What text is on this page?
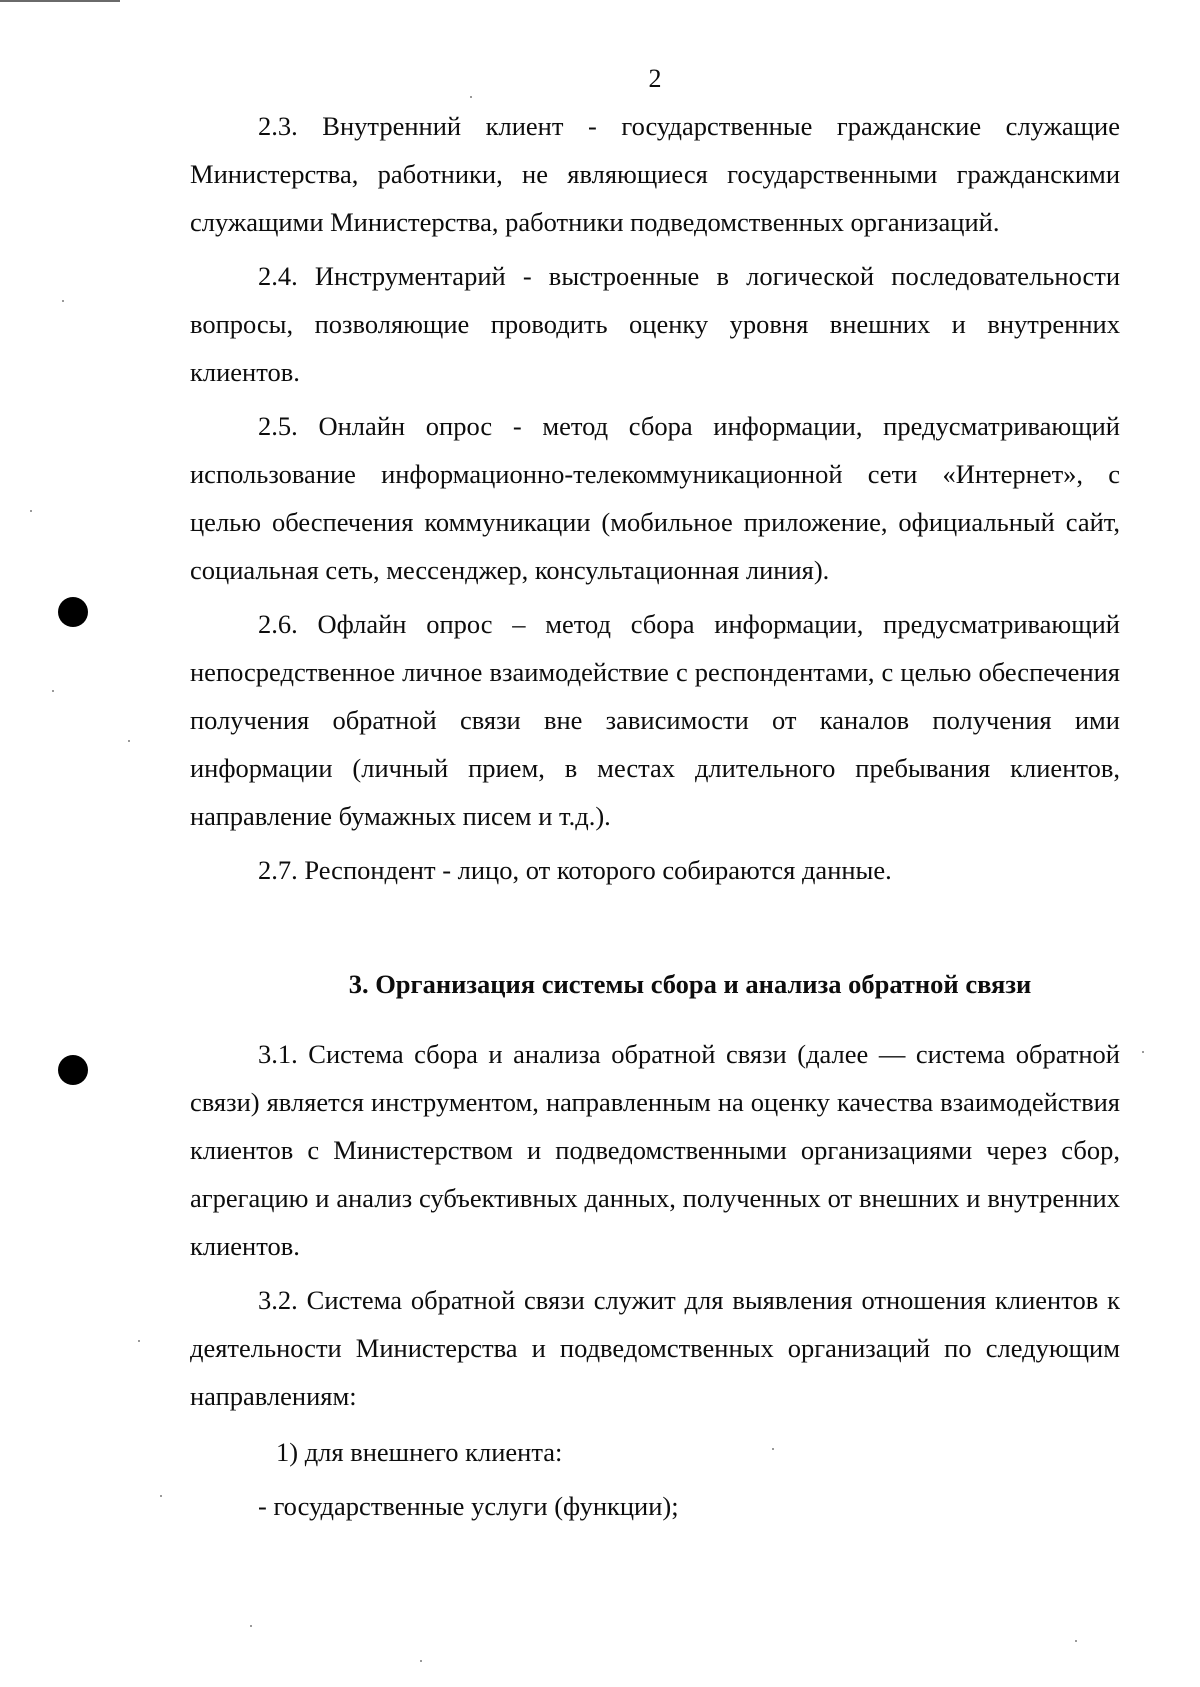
2

2.3. Внутренний клиент - государственные гражданские служащие Министерства, работники, не являющиеся государственными гражданскими служащими Министерства, работники подведомственных организаций.

2.4. Инструментарий - выстроенные в логической последовательности вопросы, позволяющие проводить оценку уровня внешних и внутренних клиентов.

2.5. Онлайн опрос - метод сбора информации, предусматривающий использование информационно-телекоммуникационной сети «Интернет», с целью обеспечения коммуникации (мобильное приложение, официальный сайт, социальная сеть, мессенджер, консультационная линия).

2.6. Офлайн опрос – метод сбора информации, предусматривающий непосредственное личное взаимодействие с респондентами, с целью обеспечения получения обратной связи вне зависимости от каналов получения ими информации (личный прием, в местах длительного пребывания клиентов, направление бумажных писем и т.д.).

2.7. Респондент - лицо, от которого собираются данные.

3. Организация системы сбора и анализа обратной связи

3.1. Система сбора и анализа обратной связи (далее — система обратной связи) является инструментом, направленным на оценку качества взаимодействия клиентов с Министерством и подведомственными организациями через сбор, агрегацию и анализ субъективных данных, полученных от внешних и внутренних клиентов.

3.2. Система обратной связи служит для выявления отношения клиентов к деятельности Министерства и подведомственных организаций по следующим направлениям:

1) для внешнего клиента:

- государственные услуги (функции);
